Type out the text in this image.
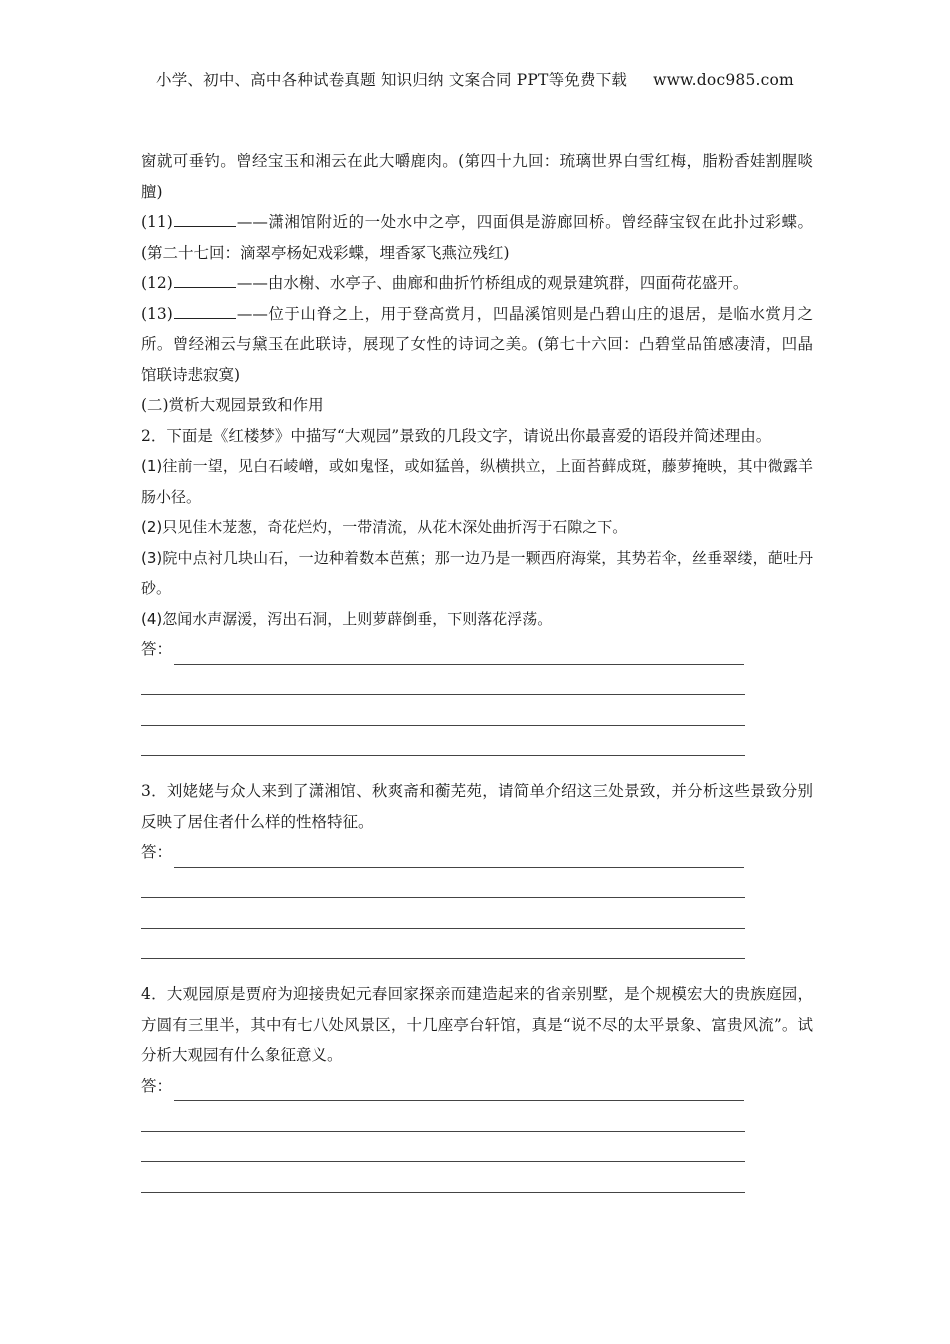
小学、初中、高中各种试卷真题 知识归纳 文案合同 PPT等免费下载 www.doc985.com

窗就可垂钓。曾经宝玉和湘云在此大嚼鹿肉。(第四十九回：琉璃世界白雪红梅，脂粉香娃割腥啖膻)

(11)	——潇湘馆附近的一处水中之亭，四面俱是游廊回桥。曾经薛宝钗在此扑过彩蝶。(第二十七回：滴翠亭杨妃戏彩蝶，埋香冢飞燕泣残红)

(12)	——由水榭、水亭子、曲廊和曲折竹桥组成的观景建筑群，四面荷花盛开。

(13)	——位于山脊之上，用于登高赏月，凹晶溪馆则是凸碧山庄的退居，是临水赏月之所。曾经湘云与黛玉在此联诗，展现了女性的诗词之美。(第七十六回：凸碧堂品笛感凄清，凹晶馆联诗悲寂寞)

(二)赏析大观园景致和作用

2．下面是《红楼梦》中描写“大观园”景致的几段文字，请说出你最喜爱的语段并简述理由。

(1)往前一望，见白石崚嶒，或如鬼怪，或如猛兽，纵横拱立，上面苔藓成斑，藤萝掩映，其中微露羊肠小径。

(2)只见佳木茏葱，奇花烂灼，一带清流，从花木深处曲折泻于石隙之下。

(3)院中点衬几块山石，一边种着数本芭蕉；那一边乃是一颗西府海棠，其势若伞，丝垂翠缕，葩吐丹砂。

(4)忽闻水声潺湲，泻出石洞，上则萝薜倒垂，下则落花浮荡。

答：

3．刘姥姥与众人来到了潇湘馆、秋爽斋和蘅芜苑，请简单介绍这三处景致，并分析这些景致分别反映了居住者什么样的性格特征。

答：

4．大观园原是贾府为迎接贵妃元春回家探亲而建造起来的省亲别墅，是个规模宏大的贵族庭园，方圆有三里半，其中有七八处风景区，十几座亭台轩馆，真是“说不尽的太平景象、富贵风流”。试分析大观园有什么象征意义。

答：
